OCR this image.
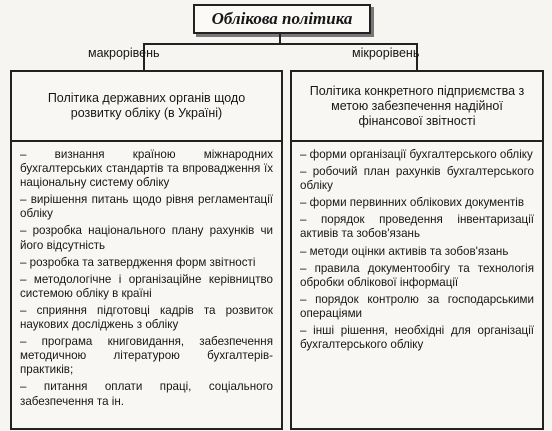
Облікова політика
макрорівень	мікрорівень
Політика державних органів щодо розвитку обліку (в Україні)
– визнання країною міжнародних бухгалтерських стандартів та впровадження їх національну систему обліку
– вирішення питань щодо рівня регламентації обліку
– розробка національного плану рахунків чи його відсутність
– розробка та затвердження форм звітності
– методологічне і організаційне керівництво системою обліку в країні
– сприяння підготовці кадрів та розвиток наукових досліджень з обліку
– програма книговидання, забезпечення методичною літературою бухгалтерів-практиків;
– питання оплати праці, соціального забезпечення та ін.
Політика конкретного підприємства з метою забезпечення надійної фінансової звітності
– форми організації бухгалтерського обліку
– робочий план рахунків бухгалтерського обліку
– форми первинних облікових документів
– порядок проведення інвентаризації активів та зобов'язань
– методи оцінки активів та зобов'язань
– правила документообігу та технологія обробки облікової інформації
– порядок контролю за господарськими операціями
– інші рішення, необхідні для організації бухгалтерського обліку
